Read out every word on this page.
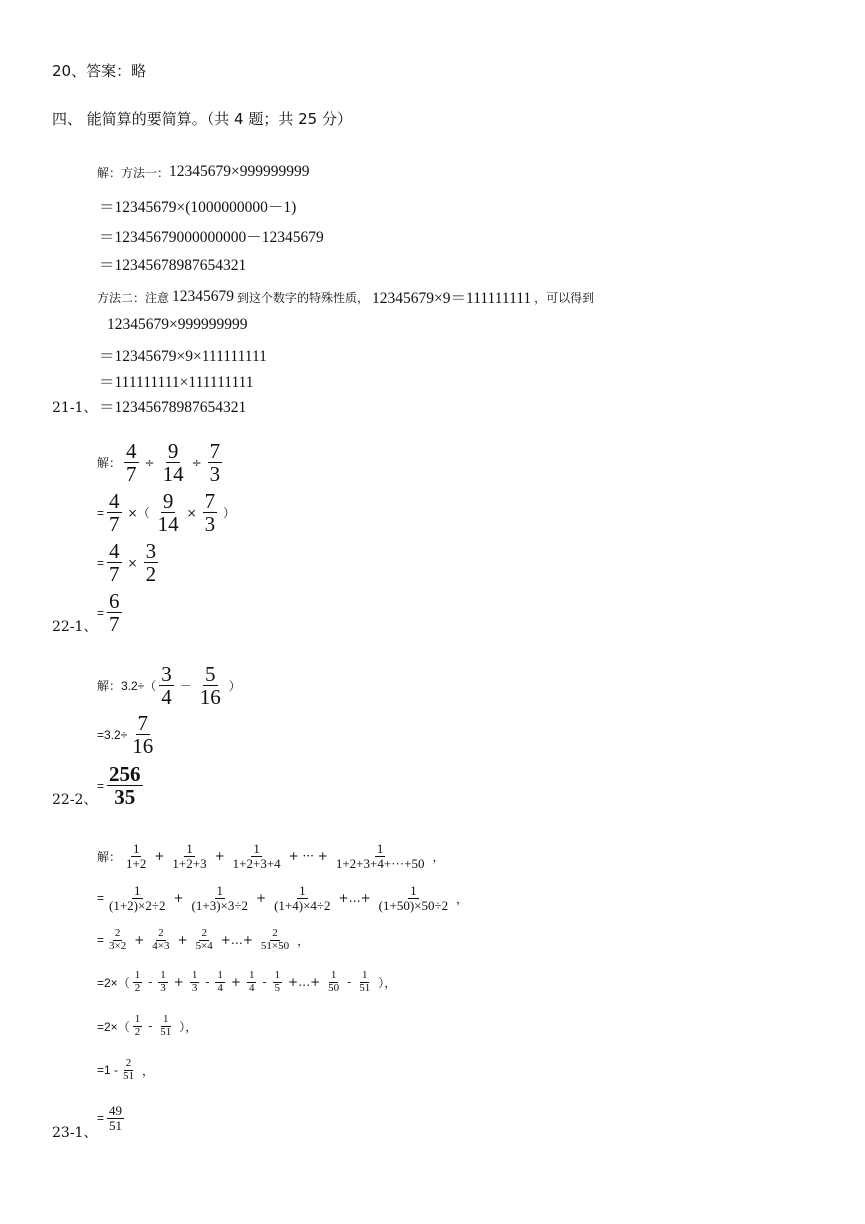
20、答案：略
四、 能简算的要简算。（共 4 题；共 25 分）
解：方法一： 12345679×999999999
＝12345679×(1000000000－1)
＝12345679000000000－12345679
＝12345678987654321
方法二：注意 12345679 到这个数字的特殊性质， 12345679×9＝111111111 ，可以得到
12345679×999999999
＝12345679×9×111111111
＝111111111×111111111
21-1、 ＝12345678987654321
解： $\frac{4}{7} \div \frac{9}{14} \div \frac{7}{3}$
= $\frac{4}{7}$ ×（ $\frac{9}{14} \times \frac{7}{3}$ ）
= $\frac{4}{7} \times \frac{3}{2}$
22-1、
= $\frac{6}{7}$
解：$3.2\div( \frac{3}{4} - \frac{5}{16}$ ）
$=3.2\div \frac{7}{16}$
22-2、
= $\frac{256}{35}$
解： $\frac{1}{1+2} + \frac{1}{1+2+3} + \frac{1}{1+2+3+4}$ + ··· + $\frac{1}{1+2+3+4+\cdot\cdot\cdot+50}$ ，
= $\frac{1}{(1+2)\times 2\div 2} + \frac{1}{(1+3)\times 3\div 2} + \frac{1}{(1+4)\times 4\div 2}$ +…+ $\frac{1}{(1+50)\times 50\div 2}$ ，
= $\frac{2}{3\times 2} + \frac{2}{4\times 3} + \frac{2}{5\times 4}$ +…+ $\frac{2}{51\times 50}$ ，
$=2\times( \frac{1}{2} - \frac{1}{3} + \frac{1}{3} - \frac{1}{4} + \frac{1}{4} - \frac{1}{5}$ +…+ $\frac{1}{50} - \frac{1}{51}$ ），
$=2\times( \frac{1}{2} - \frac{1}{51}$ ），
$=1 - \frac{2}{51}$ ，
23-1、
= $\frac{49}{51}$
